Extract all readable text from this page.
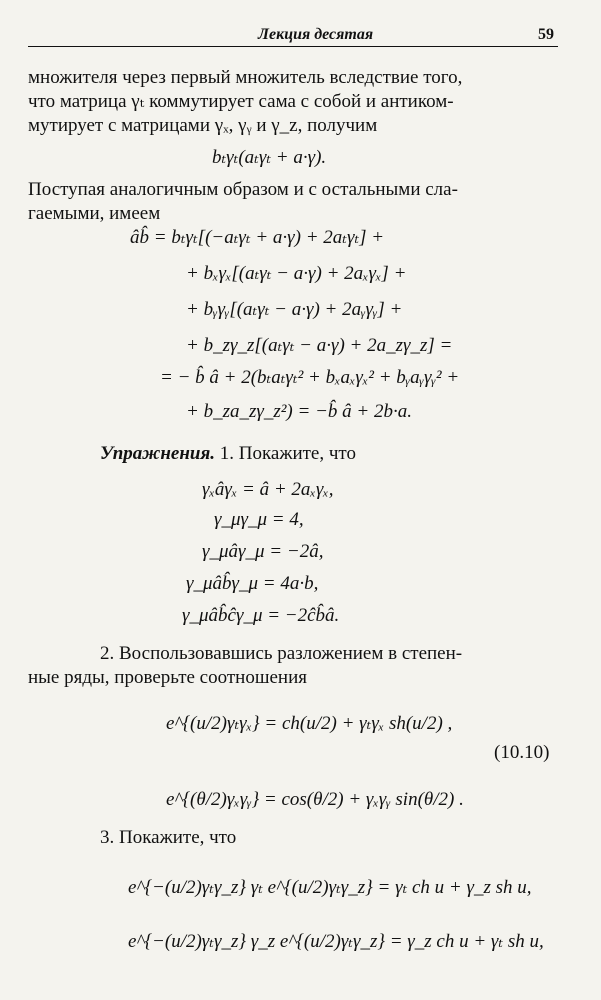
Лекция десятая	59
множителя через первый множитель вследствие того,
что матрица γₜ коммутирует сама с собой и антиком-
мутирует с матрицами γₓ, γᵧ и γ_z, получим
bₜγₜ(aₜγₜ + a·γ).
Поступая аналогичным образом и с остальными сла-
гаемыми, имеем
âb̂ = bₜγₜ[(−aₜγₜ + a·γ) + 2aₜγₜ] +
+ bₓγₓ[(aₜγₜ − a·γ) + 2aₓγₓ] +
+ bᵧγᵧ[(aₜγₜ − a·γ) + 2aᵧγᵧ] +
+ b_zγ_z[(aₜγₜ − a·γ) + 2a_zγ_z] =
= − b̂ â + 2(bₜaₜγₜ² + bₓaₓγₓ² + bᵧaᵧγᵧ² +
+ b_za_zγ_z²) = −b̂ â + 2b·a.
Упражнения. 1. Покажите, что
γₓâγₓ = â + 2aₓγₓ,
γ_μγ_μ = 4,
γ_μâγ_μ = −2â,
γ_μâb̂γ_μ = 4a·b,
γ_μâb̂ĉγ_μ = −2ĉb̂â.
2. Воспользовавшись разложением в степен-
ные ряды, проверьте соотношения
e^{(u/2)γₜγₓ} = ch(u/2) + γₜγₓ sh(u/2) ,
(10.10)
e^{(θ/2)γₓγᵧ} = cos(θ/2) + γₓγᵧ sin(θ/2) .
3. Покажите, что
e^{−(u/2)γₜγ_z} γₜ e^{(u/2)γₜγ_z} = γₜ ch u + γ_z sh u,
e^{−(u/2)γₜγ_z} γ_z e^{(u/2)γₜγ_z} = γ_z ch u + γₜ sh u,
